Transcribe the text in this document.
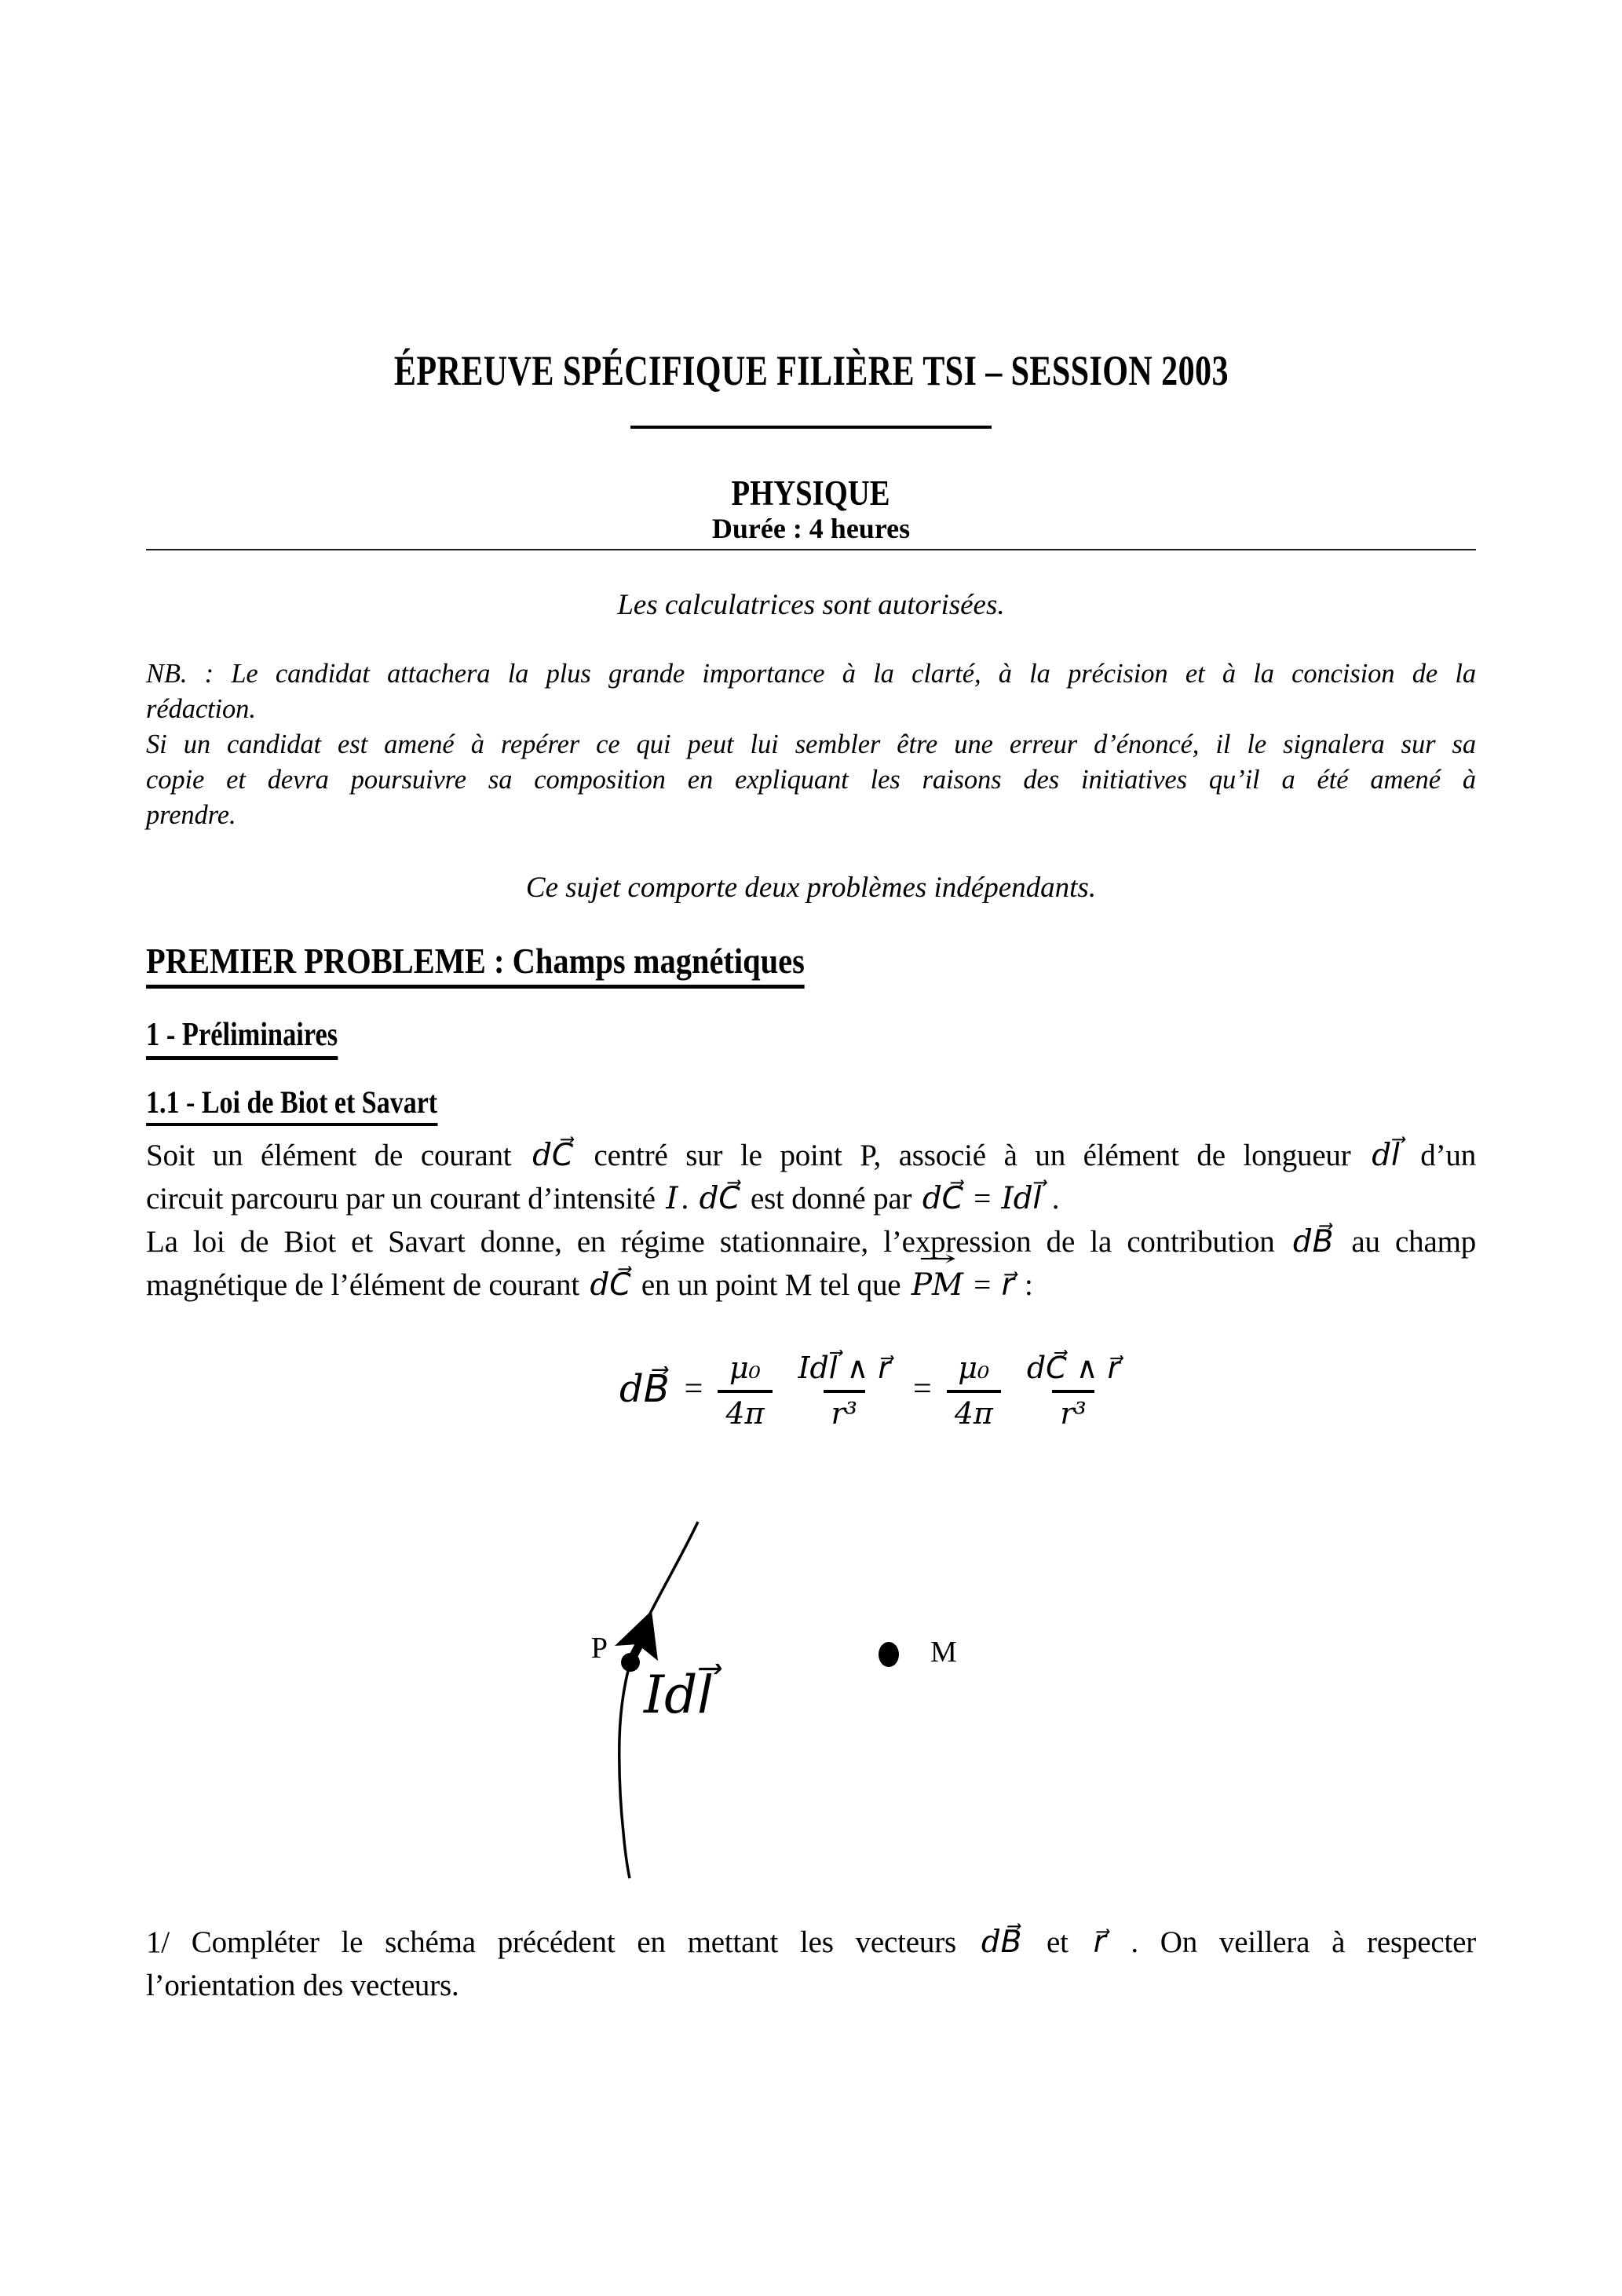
ÉPREUVE SPÉCIFIQUE FILIÈRE TSI – SESSION 2003
PHYSIQUE
Durée : 4 heures
Les calculatrices sont autorisées.
NB. : Le candidat attachera la plus grande importance à la clarté, à la précision et à la concision de la
rédaction.
Si un candidat est amené à repérer ce qui peut lui sembler être une erreur d’énoncé, il le signalera sur sa
copie et devra poursuivre sa composition en expliquant les raisons des initiatives qu’il a été amené à
prendre.
Ce sujet comporte deux problèmes indépendants.
PREMIER PROBLEME : Champs magnétiques
1 - Préliminaires
1.1 - Loi de Biot et Savart
Soit un élément de courant dC⃗ centré sur le point P, associé à un élément de longueur dl⃗ d’un
circuit parcouru par un courant d’intensité I . dC⃗ est donné par dC⃗ = Idl⃗ .
La loi de Biot et Savart donne, en régime stationnaire, l’expression de la contribution dB⃗ au champ
magnétique de l’élément de courant dC⃗ en un point M tel que PM → = r⃗ :
dB⃗ = $\frac{\text{μ₀}}{4\pi} \frac{\text{Idl⃗ ∧ r⃗}}{\text{r³}} = \frac{\text{μ₀}}{4\pi} \frac{dC⃗ \wedge r⃗}{\text{r³}}$
P	M
Idl⃗
1/ Compléter le schéma précédent en mettant les vecteurs dB⃗ et r⃗ . On veillera à respecter
l’orientation des vecteurs.
